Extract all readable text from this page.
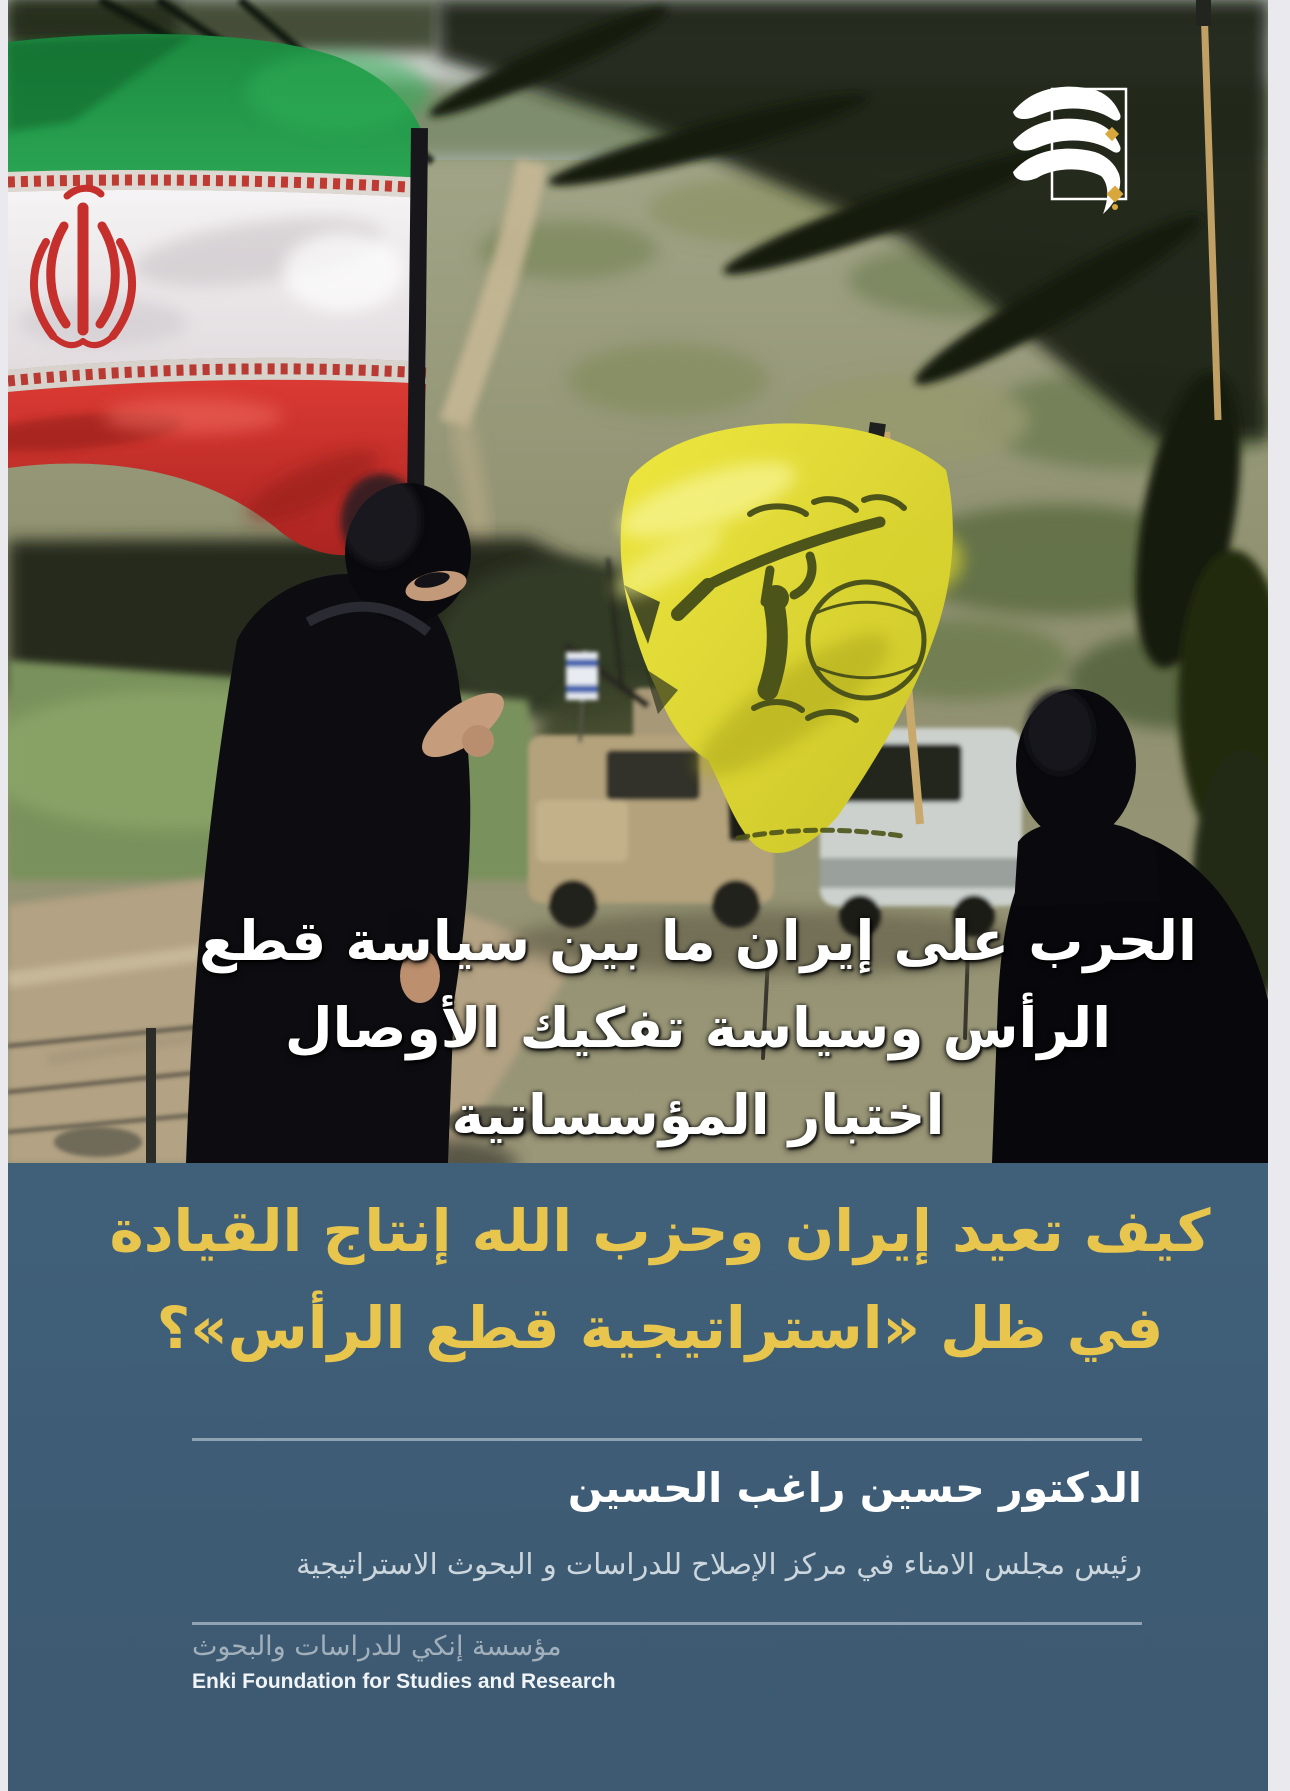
الحرب على إيران ما بين سياسة قطع
الرأس وسياسة تفكيك الأوصال
اختبار المؤسساتية
كيف تعيد إيران وحزب الله إنتاج القيادة
في ظل «استراتيجية قطع الرأس»؟
الدكتور حسين راغب الحسين
رئيس مجلس الامناء في مركز الإصلاح للدراسات و البحوث الاستراتيجية
مؤسسة إنكي للدراسات والبحوث
Enki Foundation for Studies and Research
